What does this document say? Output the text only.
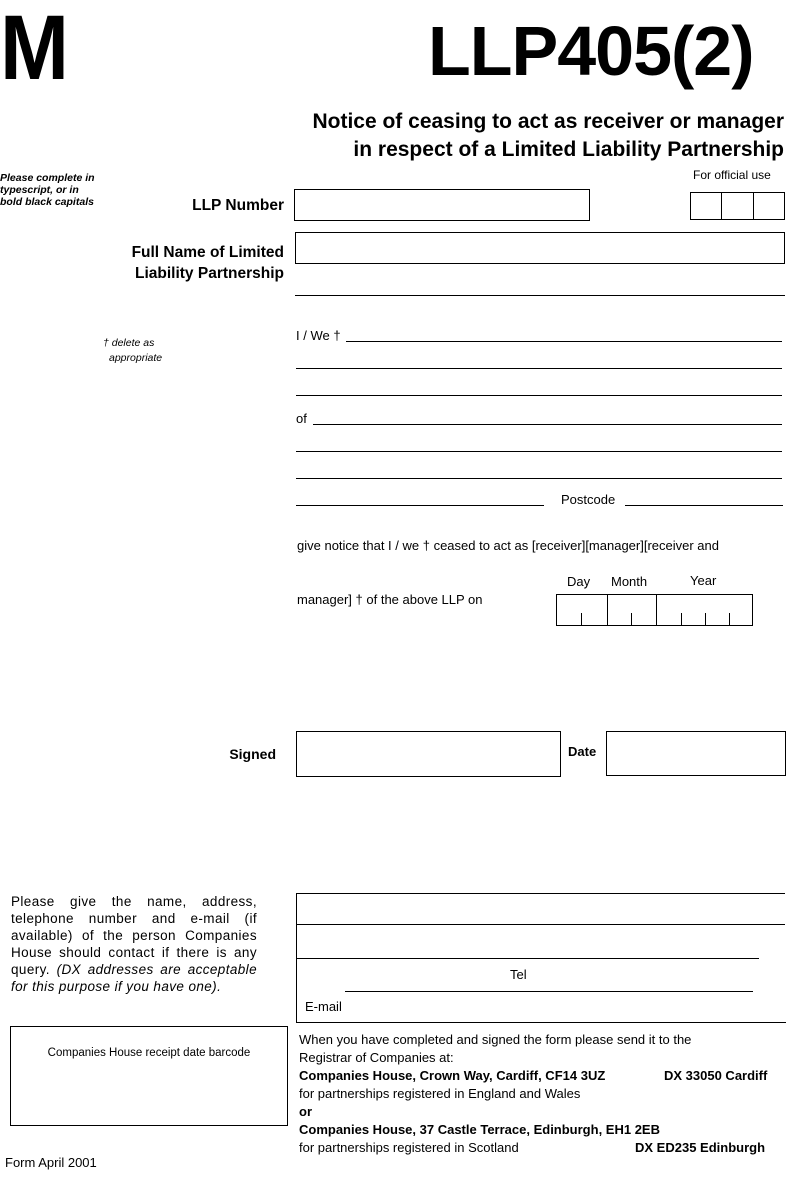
M	LLP405(2)
Notice of ceasing to act as receiver or manager
in respect of a Limited Liability Partnership
Please complete in typescript, or in bold black capitals
For official use
LLP Number
Full Name of Limited
Liability Partnership
† delete as
appropriate
I / We †
of
Postcode
give notice that I / we † ceased to act as [receiver][manager][receiver and
Day Month	Year
manager] † of the above LLP on
Signed	Date
Please give the name, address, telephone number and e-mail (if available) of the person Companies House should contact if there is any query. (DX addresses are acceptable for this purpose if you have one).
Tel
E-mail
Companies House receipt date barcode
When you have completed and signed the form please send it to the
Registrar of Companies at:
Companies House, Crown Way, Cardiff, CF14 3UZ	DX 33050 Cardiff
for partnerships registered in England and Wales
or
Companies House, 37 Castle Terrace, Edinburgh, EH1 2EB
for partnerships registered in Scotland	DX ED235 Edinburgh
Form April 2001
